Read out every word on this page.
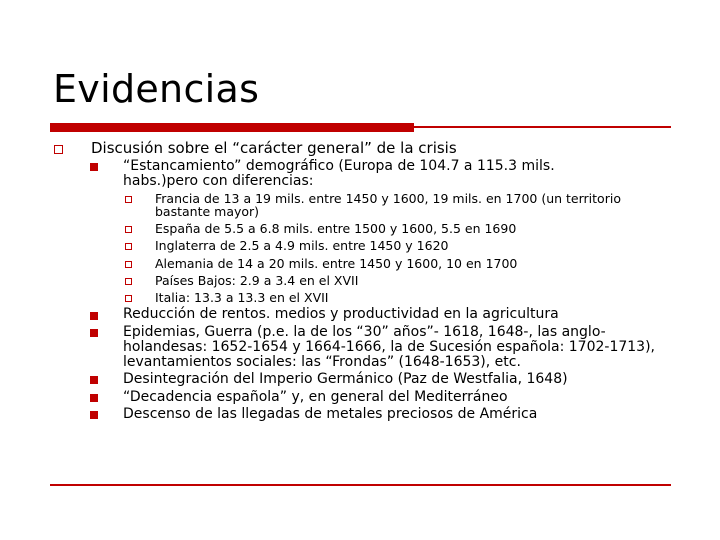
Evidencias
Discusión sobre el “carácter general” de la crisis
“Estancamiento” demográfico (Europa de 104.7 a 115.3 mils. habs.)pero con diferencias:
Francia de 13 a 19 mils. entre 1450 y 1600, 19 mils. en 1700 (un territorio bastante mayor)
España de 5.5 a 6.8 mils. entre 1500 y 1600, 5.5 en 1690
Inglaterra de 2.5 a 4.9 mils. entre 1450 y 1620
Alemania de 14 a 20 mils. entre 1450 y 1600, 10 en 1700
Países Bajos: 2.9 a 3.4 en el XVII
Italia: 13.3 a 13.3 en el XVII
Reducción de rentos. medios y productividad en la agricultura
Epidemias, Guerra (p.e. la de los “30” años”- 1618, 1648-, las anglo-holandesas: 1652-1654 y 1664-1666, la de Sucesión española: 1702-1713), levantamientos sociales: las “Frondas” (1648-1653), etc.
Desintegración del Imperio Germánico (Paz de Westfalia, 1648)
“Decadencia española” y, en general del Mediterráneo
Descenso de las llegadas de metales preciosos de América
